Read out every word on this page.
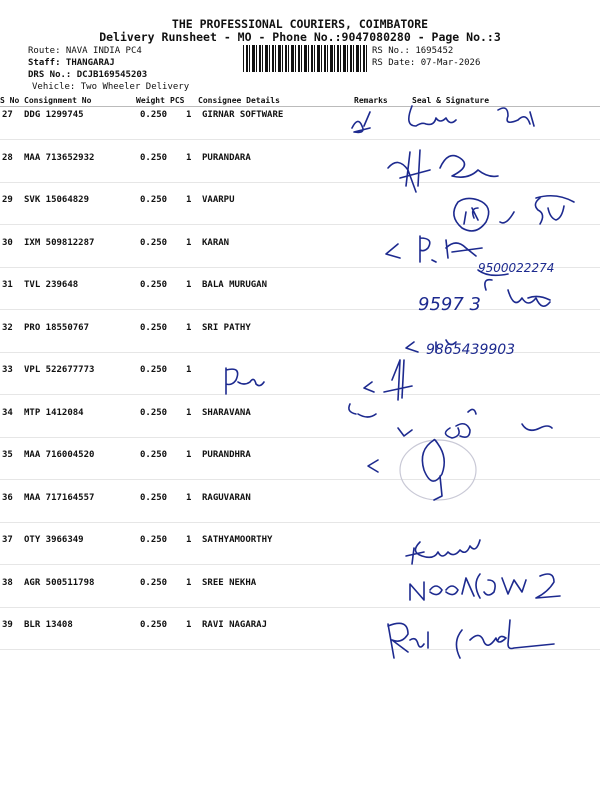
THE PROFESSIONAL COURIERS, COIMBATORE
Delivery Runsheet - MO - Phone No.:9047080280 - Page No.:3
Route: NAVA INDIA PC4
Staff: THANGARAJ
DRS No.: DCJB169545203
Vehicle: Two Wheeler Delivery
RS No.: 1695452
RS Date: 07-Mar-2026
S No Consignment No	Weight PCS Consignee Details	Remarks	Seal & Signature
27 DDG 1299745	0.250 1 GIRNAR SOFTWARE
28 MAA 713652932	0.250 1 PURANDARA
29 SVK 15064829	0.250 1 VAARPU
30 IXM 509812287	0.250 1 KARAN
31 TVL 239648	0.250 1 BALA MURUGAN
32 PRO 18550767	0.250 1 SRI PATHY
33 VPL 522677773	0.250 1
34 MTP 1412084	0.250 1 SHARAVANA
35 MAA 716004520	0.250 1 PURANDHRA
36 MAA 717164557	0.250 1 RAGUVARAN
37 OTY 3966349	0.250 1 SATHYAMOORTHY
38 AGR 500511798	0.250 1 SREE NEKHA
39 BLR 13408	0.250 1 RAVI NAGARAJ
9500022274
9597 3
9865439903
